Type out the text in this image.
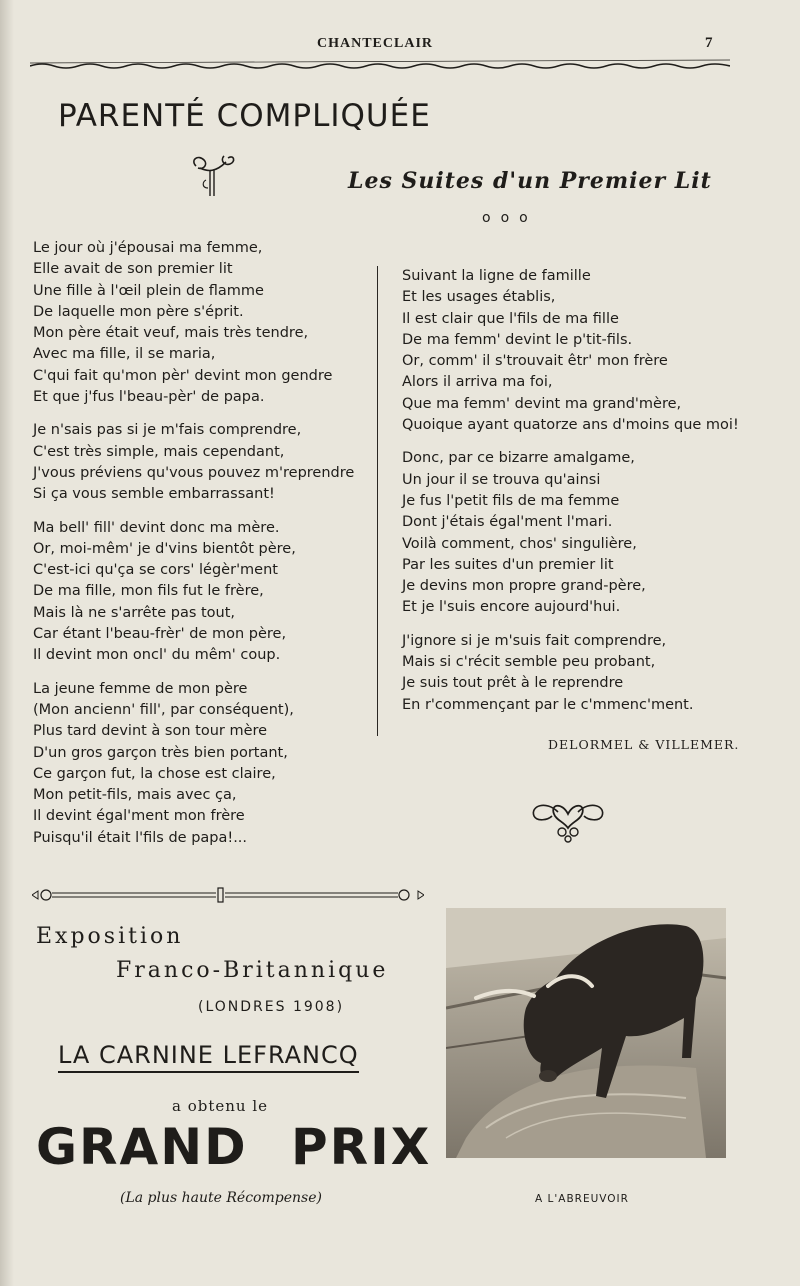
CHANTECLAIR	7
PARENTÉ COMPLIQUÉE
Les Suites d'un Premier Lit
ooo
Le jour où j'épousai ma femme,
Elle avait de son premier lit
Une fille à l'œil plein de flamme
De laquelle mon père s'éprit.
Mon père était veuf, mais très tendre,
Avec ma fille, il se maria,
C'qui fait qu'mon pèr' devint mon gendre
Et que j'fus l'beau-pèr' de papa.
Je n'sais pas si je m'fais comprendre,
C'est très simple, mais cependant,
J'vous préviens qu'vous pouvez m'reprendre
Si ça vous semble embarrassant!
Ma bell' fill' devint donc ma mère.
Or, moi-mêm' je d'vins bientôt père,
C'est-ici qu'ça se cors' légèr'ment
De ma fille, mon fils fut le frère,
Mais là ne s'arrête pas tout,
Car étant l'beau-frèr' de mon père,
Il devint mon oncl' du mêm' coup.
La jeune femme de mon père
(Mon ancienn' fill', par conséquent),
Plus tard devint à son tour mère
D'un gros garçon très bien portant,
Ce garçon fut, la chose est claire,
Mon petit-fils, mais avec ça,
Il devint égal'ment mon frère
Puisqu'il était l'fils de papa!...
Suivant la ligne de famille
Et les usages établis,
Il est clair que l'fils de ma fille
De ma femm' devint le p'tit-fils.
Or, comm' il s'trouvait êtr' mon frère
Alors il arriva ma foi,
Que ma femm' devint ma grand'mère,
Quoique ayant quatorze ans d'moins que moi!
Donc, par ce bizarre amalgame,
Un jour il se trouva qu'ainsi
Je fus l'petit fils de ma femme
Dont j'étais égal'ment l'mari.
Voilà comment, chos' singulière,
Par les suites d'un premier lit
Je devins mon propre grand-père,
Et je l'suis encore aujourd'hui.
J'ignore si je m'suis fait comprendre,
Mais si c'récit semble peu probant,
Je suis tout prêt à le reprendre
En r'commençant par le c'mmenc'ment.
DELORMEL & VILLEMER.
Exposition
Franco-Britannique
(LONDRES 1908)
LA CARNINE LEFRANCQ
a obtenu le
GRAND PRIX
(La plus haute Récompense)	A L'ABREUVOIR
